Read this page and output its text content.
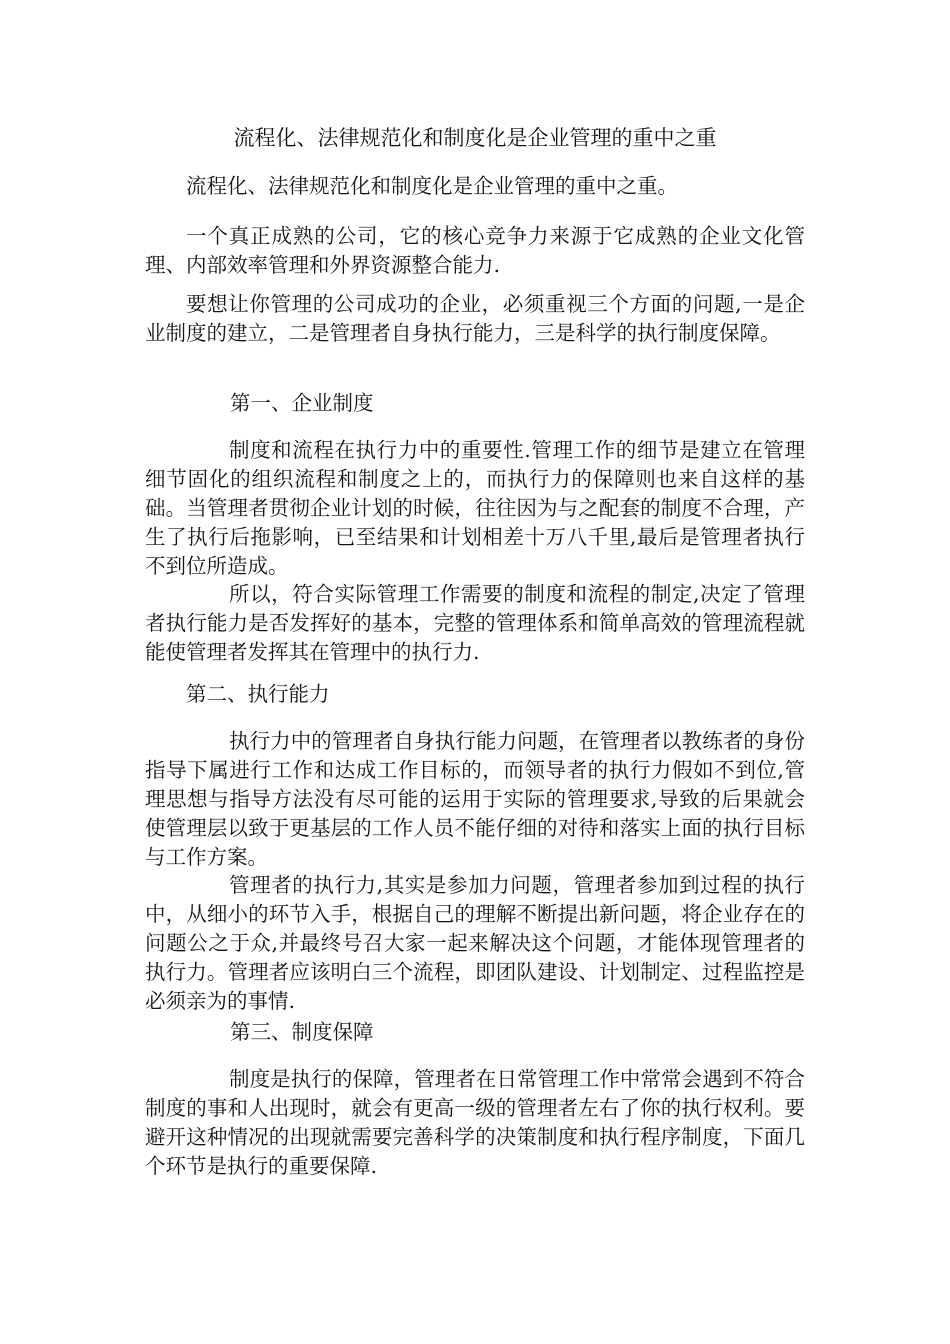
流程化、法律规范化和制度化是企业管理的重中之重

流程化、法律规范化和制度化是企业管理的重中之重。

一个真正成熟的公司，它的核心竞争力来源于它成熟的企业文化管理、内部效率管理和外界资源整合能力.

要想让你管理的公司成功的企业，必须重视三个方面的问题,一是企业制度的建立，二是管理者自身执行能力，三是科学的执行制度保障。

第一、企业制度

制度和流程在执行力中的重要性.管理工作的细节是建立在管理细节固化的组织流程和制度之上的，而执行力的保障则也来自这样的基础。当管理者贯彻企业计划的时候，往往因为与之配套的制度不合理，产生了执行后拖影响，已至结果和计划相差十万八千里,最后是管理者执行不到位所造成。

所以，符合实际管理工作需要的制度和流程的制定,决定了管理者执行能力是否发挥好的基本，完整的管理体系和简单高效的管理流程就能使管理者发挥其在管理中的执行力.

第二、执行能力

执行力中的管理者自身执行能力问题，在管理者以教练者的身份指导下属进行工作和达成工作目标的，而领导者的执行力假如不到位,管理思想与指导方法没有尽可能的运用于实际的管理要求,导致的后果就会使管理层以致于更基层的工作人员不能仔细的对待和落实上面的执行目标与工作方案。

管理者的执行力,其实是参加力问题，管理者参加到过程的执行中，从细小的环节入手，根据自己的理解不断提出新问题，将企业存在的问题公之于众,并最终号召大家一起来解决这个问题，才能体现管理者的执行力。管理者应该明白三个流程，即团队建设、计划制定、过程监控是必须亲为的事情.

第三、制度保障

制度是执行的保障，管理者在日常管理工作中常常会遇到不符合制度的事和人出现时，就会有更高一级的管理者左右了你的执行权利。要避开这种情况的出现就需要完善科学的决策制度和执行程序制度，下面几个环节是执行的重要保障.
